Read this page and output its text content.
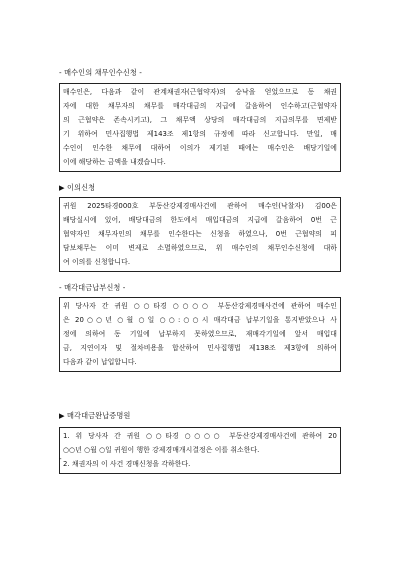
- 매수인의 채무인수신청 -
매수인은, 다음과 같이 관계채권자(근협약자)의 승낙을 얻었으므로 동 채권
자에 대한 채무자의 채무를 매각대금의 지급에 갈음하여 인수하고(근협약자
의 근협약은 존속시키고), 그 채무액 상당의 매각대금의 지급의무를 면제받
기 위하여 민사집행법 제143조 제1항의 규정에 따라 신고합니다. 만일, 매
수인이 인수한 채무에 대하여 이의가 제기된 때에는 매수인은 배당기일에
이에 해당하는 금액을 내겠습니다.
▶ 이의신청
귀원 2025타경000호 부동산강제경매사건에 관하여 매수인(낙찰자) 김00은
배당실시에 있어, 배당대금의 한도에서 매입대금의 지급에 갈음하여 0번 근
협약자인 채무자인의 채무를 인수한다는 신청을 하였으나, 0번 근협약의 피
담보채무는 이미 변제로 소멸하였으므로, 위 매수인의 채무인수신청에 대하
여 이의를 신청합니다.
- 매각대금납부신청 -
위 당사자 간 귀원 ○○타경 ○○○○ 부동산강제경매사건에 관하여 매수인
은 20○○년 ○월 ○일 ○○:○○시 매각대금 납부기일을 통지받았으나 사
정에 의하여 동 기일에 납부하지 못하였으므로, 재매각기일에 앞서 매입대
금, 지연이자 및 절차비용을 합산하여 민사집행법 제138조 제3항에 의하여
다음과 같이 납입합니다.
▶ 매각대금완납증명원
1. 위 당사자 간 귀원 ○○타경 ○○○○ 부동산강제경매사건에 관하여 20
○○년 ○월 ○일 귀원이 행한 강제경매개시결정은 이를 취소한다.
2. 채권자의 이 사건 경매신청을 각하한다.
-
